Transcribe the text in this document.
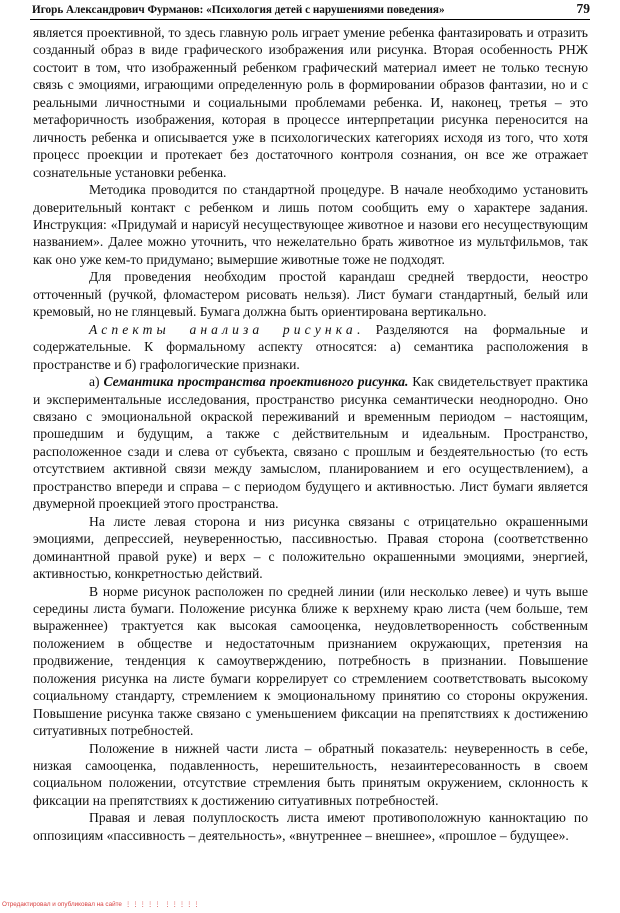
Игорь Александрович Фурманов: «Психология детей с нарушениями поведения»	79

является проективной, то здесь главную роль играет умение ребенка фантазировать и отразить созданный образ в виде графического изображения или рисунка. Вторая особенность РНЖ состоит в том, что изображенный ребенком графический материал имеет не только тесную связь с эмоциями, играющими определенную роль в формировании образов фантазии, но и с реальными личностными и социальными проблемами ребенка. И, наконец, третья – это метафоричность изображения, которая в процессе интерпретации рисунка переносится на личность ребенка и описывается уже в психологических категориях исходя из того, что хотя процесс проекции и протекает без достаточного контроля сознания, он все же отражает сознательные установки ребенка.

Методика проводится по стандартной процедуре. В начале необходимо установить доверительный контакт с ребенком и лишь потом сообщить ему о характере задания. Инструкция: «Придумай и нарисуй несуществующее животное и назови его несуществующим названием». Далее можно уточнить, что нежелательно брать животное из мультфильмов, так как оно уже кем-то придумано; вымершие животные тоже не подходят.

Для проведения необходим простой карандаш средней твердости, неостро отточенный (ручкой, фломастером рисовать нельзя). Лист бумаги стандартный, белый или кремовый, но не глянцевый. Бумага должна быть ориентирована вертикально.

Аспекты анализа рисунка. Разделяются на формальные и содержательные. К формальному аспекту относятся: а) семантика расположения в пространстве и б) графологические признаки.

а) Семантика пространства проективного рисунка. Как свидетельствует практика и экспериментальные исследования, пространство рисунка семантически неоднородно. Оно связано с эмоциональной окраской переживаний и временным периодом – настоящим, прошедшим и будущим, а также с действительным и идеальным. Пространство, расположенное сзади и слева от субъекта, связано с прошлым и бездеятельностью (то есть отсутствием активной связи между замыслом, планированием и его осуществлением), а пространство впереди и справа – с периодом будущего и активностью. Лист бумаги является двумерной проекцией этого пространства.

На листе левая сторона и низ рисунка связаны с отрицательно окрашенными эмоциями, депрессией, неуверенностью, пассивностью. Правая сторона (соответственно доминантной правой руке) и верх – с положительно окрашенными эмоциями, энергией, активностью, конкретностью действий.

В норме рисунок расположен по средней линии (или несколько левее) и чуть выше середины листа бумаги. Положение рисунка ближе к верхнему краю листа (чем больше, тем выраженнее) трактуется как высокая самооценка, неудовлетворенность собственным положением в обществе и недостаточным признанием окружающих, претензия на продвижение, тенденция к самоутверждению, потребность в признании. Повышение положения рисунка на листе бумаги коррелирует со стремлением соответствовать высокому социальному стандарту, стремлением к эмоциональному принятию со стороны окружения. Повышение рисунка также связано с уменьшением фиксации на препятствиях к достижению ситуативных потребностей.

Положение в нижней части листа – обратный показатель: неуверенность в себе, низкая самооценка, подавленность, нерешительность, незаинтересованность в своем социальном положении, отсутствие стремления быть принятым окружением, склонность к фиксации на препятствиях к достижению ситуативных потребностей.

Правая и левая полуплоскость листа имеют противоположную канноктацию по оппозициям «пассивность – деятельность», «внутреннее – внешнее», «прошлое – будущее».

Отредактировал и опубликовал на сайте ⋮⋮⋮⋮⋮ ⋮⋮⋮⋮⋮
